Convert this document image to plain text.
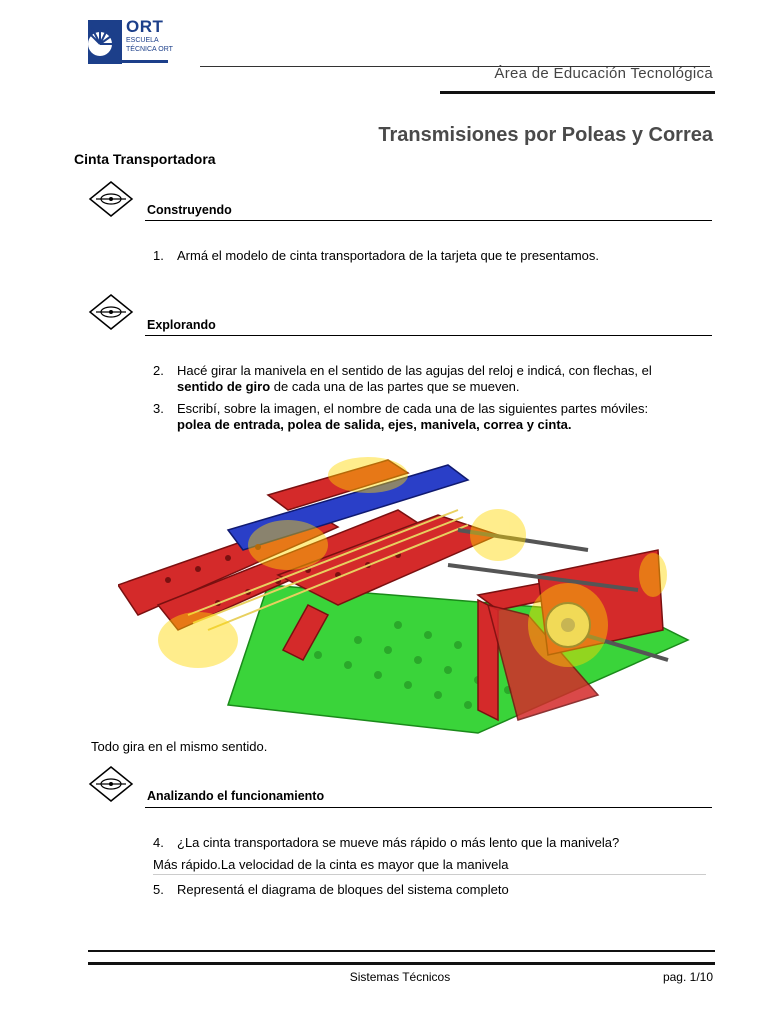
ORT
ESCUELA
TÉCNICA ORT
Área de Educación Tecnológica
Transmisiones por Poleas y Correa
Cinta Transportadora
Construyendo
1. Armá el modelo de cinta transportadora de la tarjeta que te presentamos.
Explorando
2. Hacé girar la manivela en el sentido de las agujas del reloj e indicá, con flechas, el
sentido de giro de cada una de las partes que se mueven.
3. Escribí, sobre la imagen, el nombre de cada una de las siguientes partes móviles:
polea de entrada, polea de salida, ejes, manivela, correa y cinta.
Todo gira en el mismo sentido.
Analizando el funcionamiento
4. ¿La cinta transportadora se mueve más rápido o más lento que la manivela?
Más rápido.La velocidad de la cinta es mayor que la manivela
5. Representá el diagrama de bloques del sistema completo
Sistemas Técnicos	pag. 1/10
